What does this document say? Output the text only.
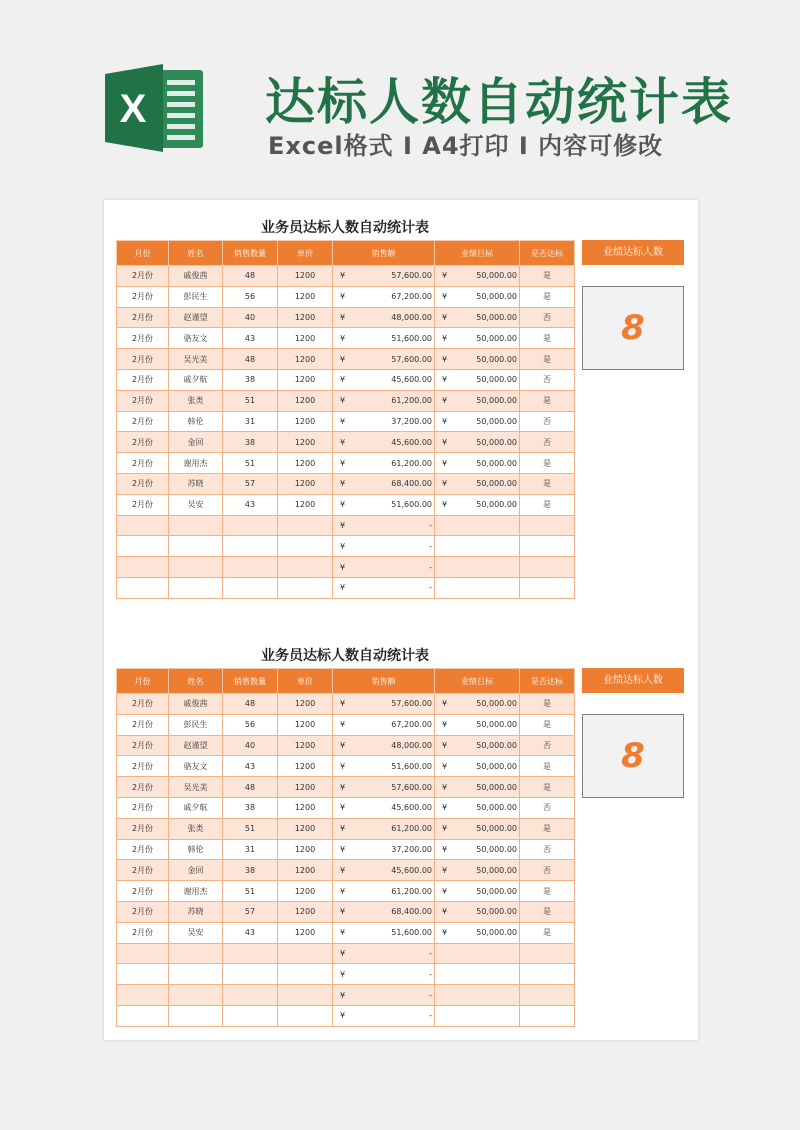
X 达标人数自动统计表
Excel格式 Ι A4打印 Ι 内容可修改
业务员达标人数自动统计表
月份	姓名	销售数量	单价	销售额	业绩目标	是否达标
2月份	戚俊茜	48	1200	¥ 57,600.00	¥ 50,000.00	是
2月份	彭民生	56	1200	¥ 67,200.00	¥ 50,000.00	是
2月份	赵谨望	40	1200	¥ 48,000.00	¥ 50,000.00	否
2月份	骆友文	43	1200	¥ 51,600.00	¥ 50,000.00	是
2月份	吴光美	48	1200	¥ 57,600.00	¥ 50,000.00	是
2月份	戚夕航	38	1200	¥ 45,600.00	¥ 50,000.00	否
2月份	张类	51	1200	¥ 61,200.00	¥ 50,000.00	是
2月份	韩伦	31	1200	¥ 37,200.00	¥ 50,000.00	否
2月份	金回	38	1200	¥ 45,600.00	¥ 50,000.00	否
2月份	谢用杰	51	1200	¥ 61,200.00	¥ 50,000.00	是
2月份	苏晓	57	1200	¥ 68,400.00	¥ 50,000.00	是
2月份	吴安	43	1200	¥ 51,600.00	¥ 50,000.00	是

				¥ -		

				¥ -		

				¥ -		

				¥ -		
业绩达标人数
8
业务员达标人数自动统计表
月份	姓名	销售数量	单价	销售额	业绩目标	是否达标
2月份	戚俊茜	48	1200	¥ 57,600.00	¥ 50,000.00	是
2月份	彭民生	56	1200	¥ 67,200.00	¥ 50,000.00	是
2月份	赵谨望	40	1200	¥ 48,000.00	¥ 50,000.00	否
2月份	骆友文	43	1200	¥ 51,600.00	¥ 50,000.00	是
2月份	吴光美	48	1200	¥ 57,600.00	¥ 50,000.00	是
2月份	戚夕航	38	1200	¥ 45,600.00	¥ 50,000.00	否
2月份	张类	51	1200	¥ 61,200.00	¥ 50,000.00	是
2月份	韩伦	31	1200	¥ 37,200.00	¥ 50,000.00	否
2月份	金回	38	1200	¥ 45,600.00	¥ 50,000.00	否
2月份	谢用杰	51	1200	¥ 61,200.00	¥ 50,000.00	是
2月份	苏晓	57	1200	¥ 68,400.00	¥ 50,000.00	是
2月份	吴安	43	1200	¥ 51,600.00	¥ 50,000.00	是

				¥ -		

				¥ -		

				¥ -		

				¥ -		
业绩达标人数
8
